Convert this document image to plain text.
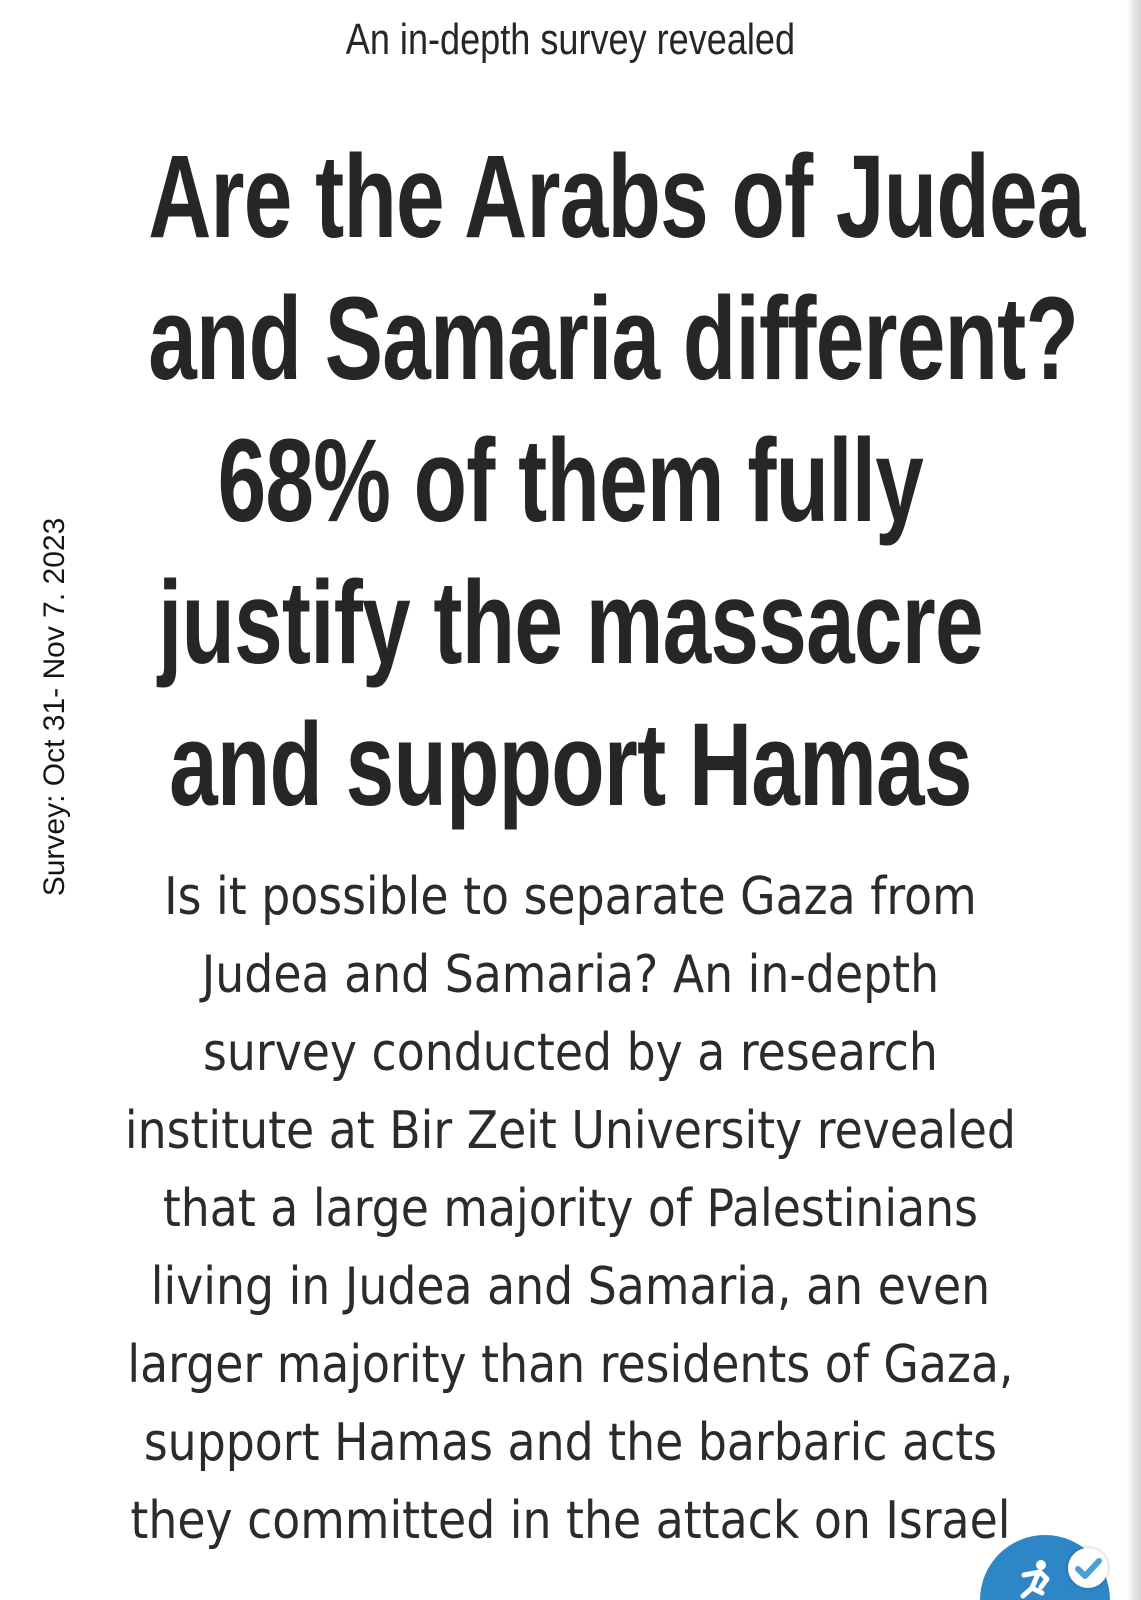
An in-depth survey revealed
Are the Arabs of Judea
and Samaria different?
68% of them fully
justify the massacre
and support Hamas
Survey: Oct 31- Nov 7. 2023

Is it possible to separate Gaza from
Judea and Samaria? An in-depth
survey conducted by a research
institute at Bir Zeit University revealed
that a large majority of Palestinians
living in Judea and Samaria, an even
larger majority than residents of Gaza,
support Hamas and the barbaric acts
they committed in the attack on Israel
